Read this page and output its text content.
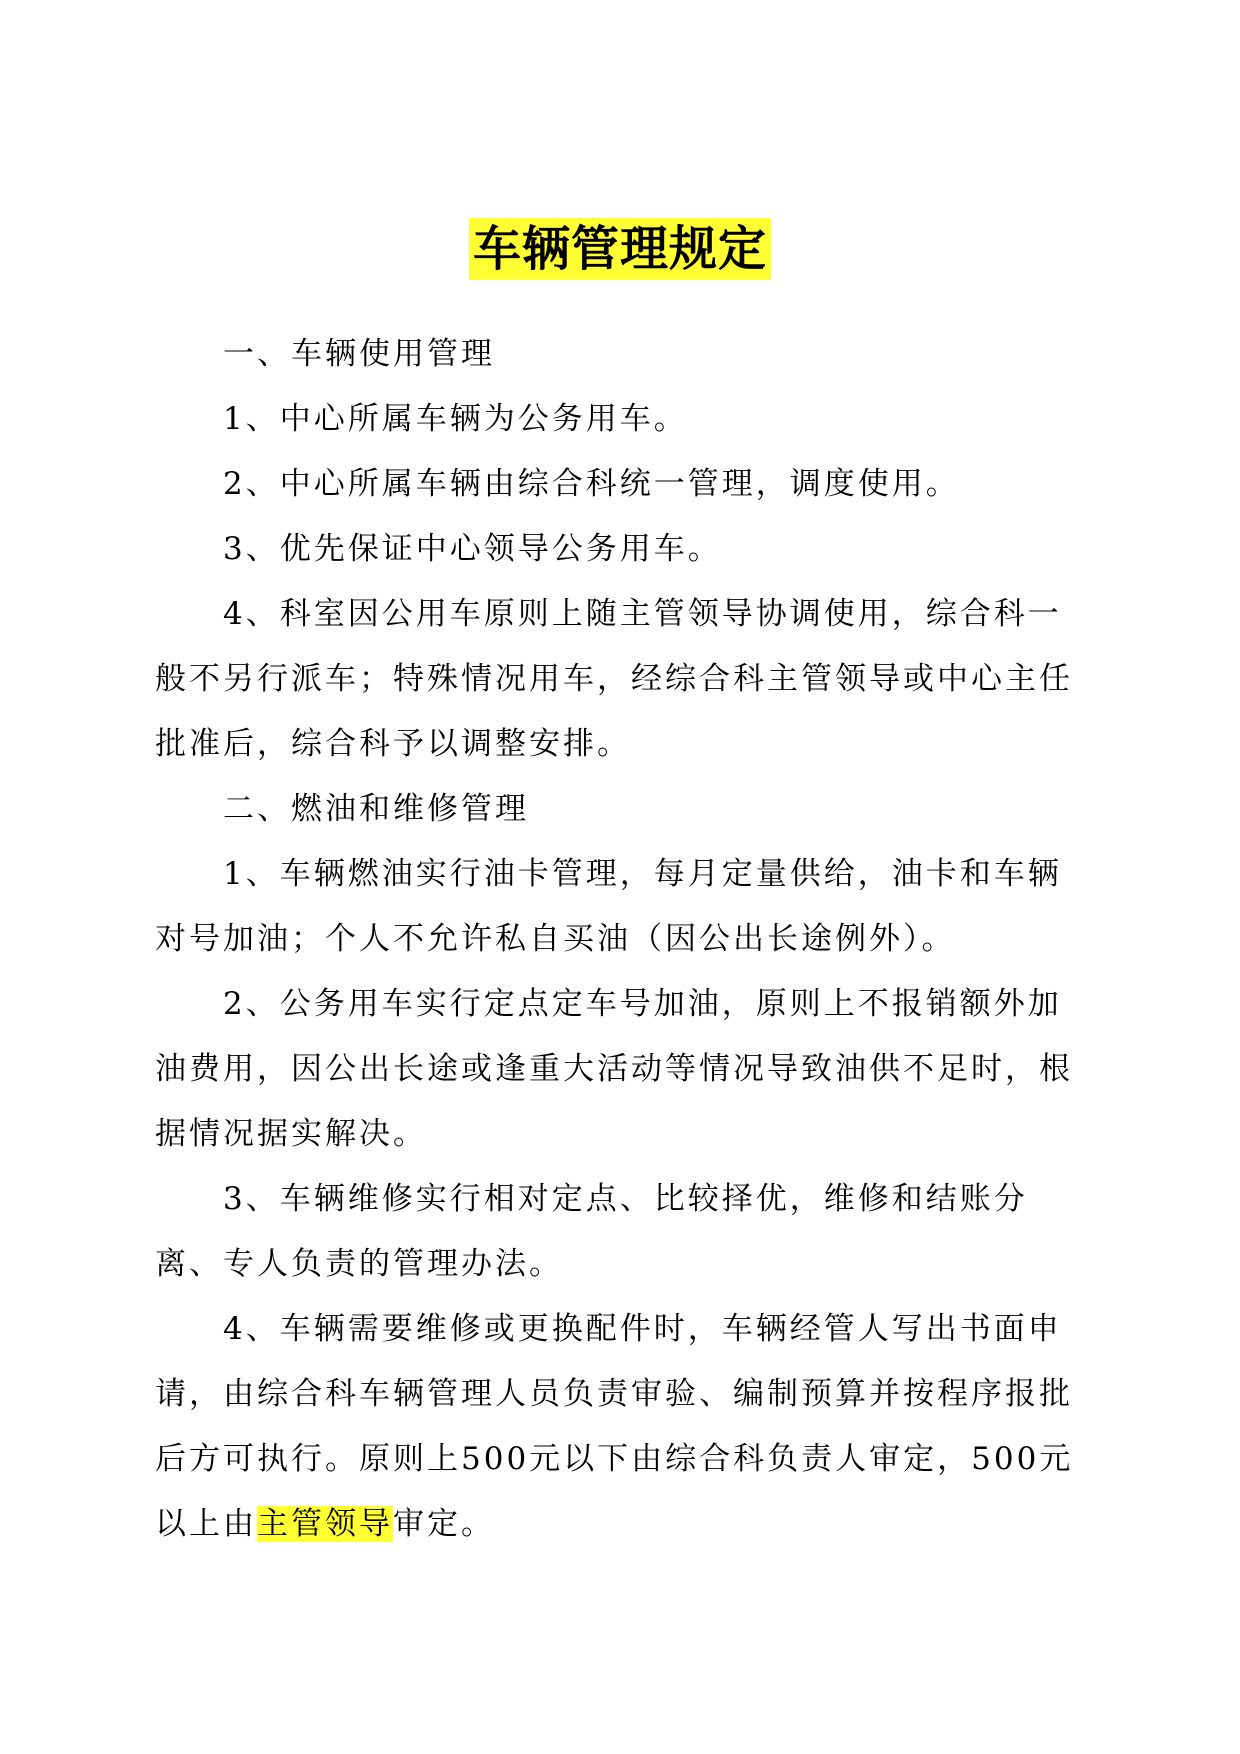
车辆管理规定

一、车辆使用管理

1、中心所属车辆为公务用车。

2、中心所属车辆由综合科统一管理，调度使用。

3、优先保证中心领导公务用车。

4、科室因公用车原则上随主管领导协调使用，综合科一般不另行派车；特殊情况用车，经综合科主管领导或中心主任批准后，综合科予以调整安排。

二、燃油和维修管理

1、车辆燃油实行油卡管理，每月定量供给，油卡和车辆对号加油；个人不允许私自买油（因公出长途例外）。

2、公务用车实行定点定车号加油，原则上不报销额外加油费用，因公出长途或逢重大活动等情况导致油供不足时，根据情况据实解决。

3、车辆维修实行相对定点、比较择优，维修和结账分离、专人负责的管理办法。

4、车辆需要维修或更换配件时，车辆经管人写出书面申请，由综合科车辆管理人员负责审验、编制预算并按程序报批后方可执行。原则上500元以下由综合科负责人审定，500元以上由主管领导审定。
